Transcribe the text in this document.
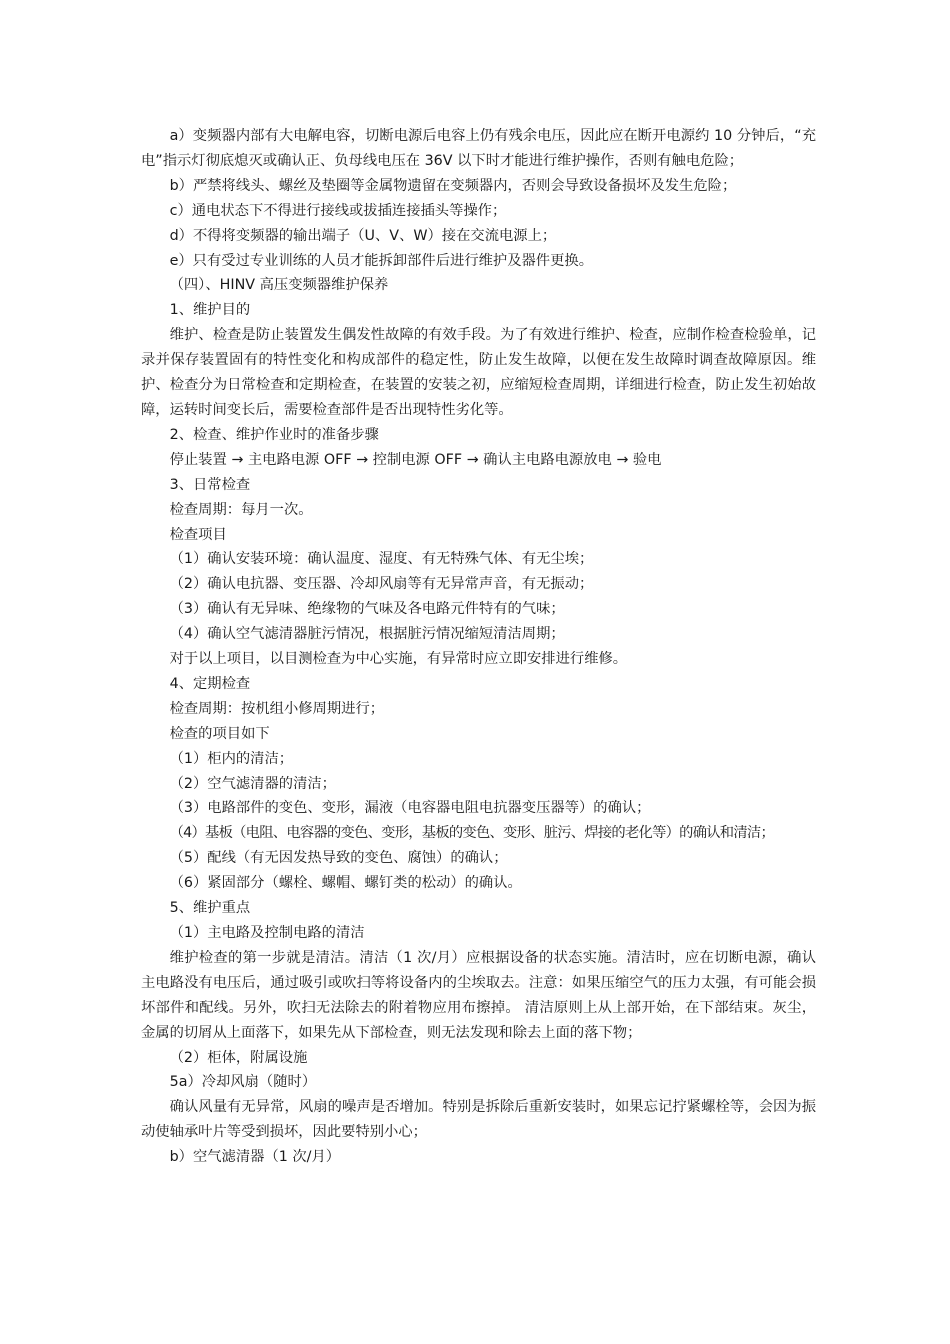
a）变频器内部有大电解电容，切断电源后电容上仍有残余电压，因此应在断开电源约 10 分钟后，“充电”指示灯彻底熄灭或确认正、负母线电压在 36V 以下时才能进行维护操作，否则有触电危险；

b）严禁将线头、螺丝及垫圈等金属物遗留在变频器内，否则会导致设备损坏及发生危险；

c）通电状态下不得进行接线或拔插连接插头等操作；

d）不得将变频器的输出端子（U、V、W）接在交流电源上；

e）只有受过专业训练的人员才能拆卸部件后进行维护及器件更换。

（四）、HINV 高压变频器维护保养

1、维护目的

维护、检查是防止装置发生偶发性故障的有效手段。为了有效进行维护、检查，应制作检查检验单，记录并保存装置固有的特性变化和构成部件的稳定性，防止发生故障，以便在发生故障时调查故障原因。维护、检查分为日常检查和定期检查，在装置的安装之初，应缩短检查周期，详细进行检查，防止发生初始故障，运转时间变长后，需要检查部件是否出现特性劣化等。

2、检查、维护作业时的准备步骤

停止装置 → 主电路电源 OFF → 控制电源 OFF → 确认主电路电源放电 → 验电

3、日常检查

检查周期：每月一次。

检查项目

（1）确认安装环境：确认温度、湿度、有无特殊气体、有无尘埃；

（2）确认电抗器、变压器、冷却风扇等有无异常声音，有无振动；

（3）确认有无异味、绝缘物的气味及各电路元件特有的气味；

（4）确认空气滤清器脏污情况，根据脏污情况缩短清洁周期；

对于以上项目，以目测检查为中心实施，有异常时应立即安排进行维修。

4、定期检查

检查周期：按机组小修周期进行；

检查的项目如下

（1）柜内的清洁；

（2）空气滤清器的清洁；

（3）电路部件的变色、变形，漏液（电容器电阻电抗器变压器等）的确认；

（4）基板（电阻、电容器的变色、变形，基板的变色、变形、脏污、焊接的老化等）的确认和清洁；

（5）配线（有无因发热导致的变色、腐蚀）的确认；

（6）紧固部分（螺栓、螺帽、螺钉类的松动）的确认。

5、维护重点

（1）主电路及控制电路的清洁

维护检查的第一步就是清洁。清洁（1 次/月）应根据设备的状态实施。清洁时，应在切断电源，确认主电路没有电压后，通过吸引或吹扫等将设备内的尘埃取去。注意：如果压缩空气的压力太强，有可能会损坏部件和配线。另外，吹扫无法除去的附着物应用布擦掉。 清洁原则上从上部开始，在下部结束。灰尘，金属的切屑从上面落下，如果先从下部检查，则无法发现和除去上面的落下物；

（2）柜体，附属设施

5a）冷却风扇（随时）

确认风量有无异常，风扇的噪声是否增加。特别是拆除后重新安装时，如果忘记拧紧螺栓等，会因为振动使轴承叶片等受到损坏，因此要特别小心；

b）空气滤清器（1 次/月）
